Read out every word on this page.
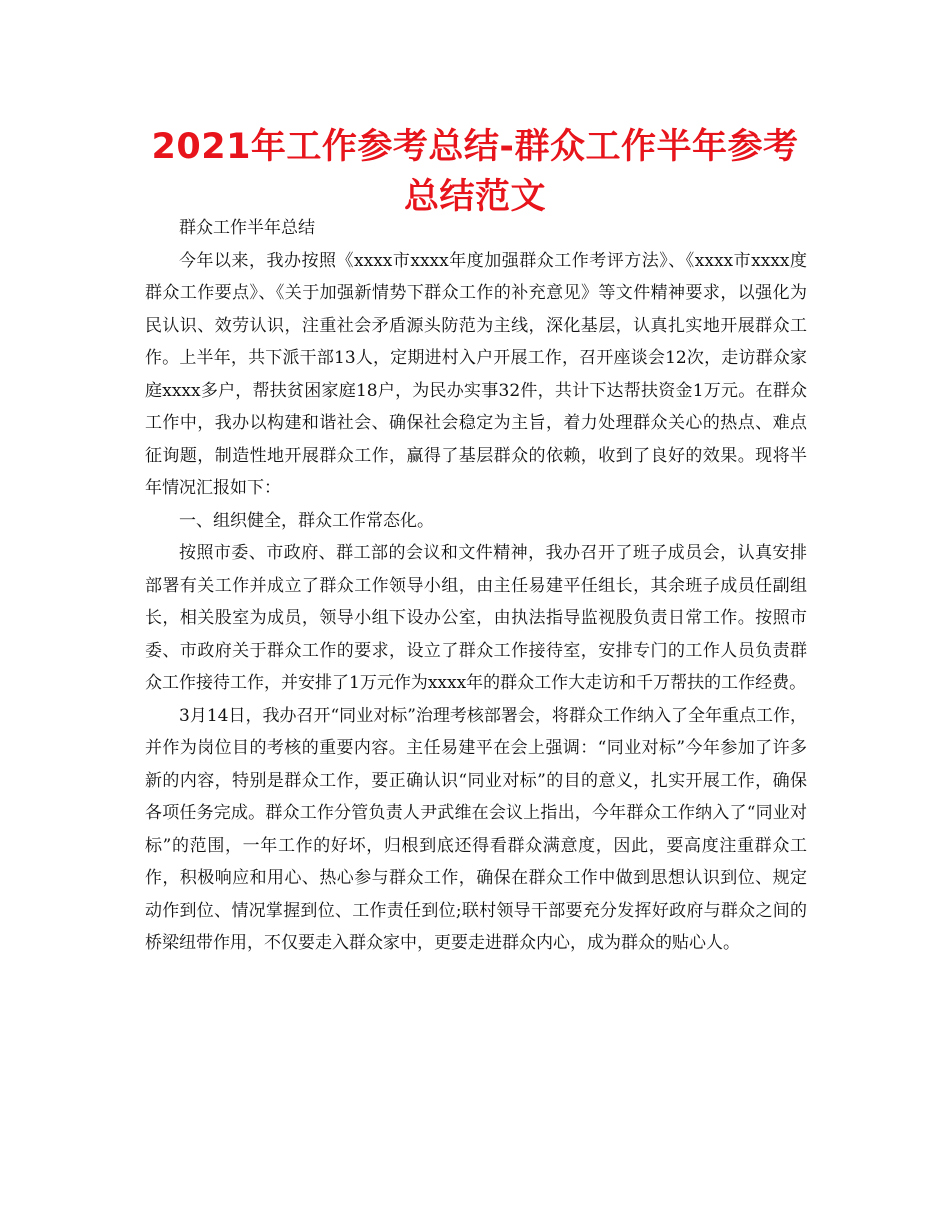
2021年工作参考总结-群众工作半年参考总结范文

群众工作半年总结

今年以来，我办按照《xxxx市xxxx年度加强群众工作考评方法》、《xxxx市xxxx度群众工作要点》、《关于加强新情势下群众工作的补充意见》等文件精神要求，以强化为民认识、效劳认识，注重社会矛盾源头防范为主线，深化基层，认真扎实地开展群众工作。上半年，共下派干部13人，定期进村入户开展工作，召开座谈会12次，走访群众家庭xxxx多户，帮扶贫困家庭18户，为民办实事32件，共计下达帮扶资金1万元。在群众工作中，我办以构建和谐社会、确保社会稳定为主旨，着力处理群众关心的热点、难点征询题，制造性地开展群众工作，赢得了基层群众的依赖，收到了良好的效果。现将半年情况汇报如下：

一、组织健全，群众工作常态化。

按照市委、市政府、群工部的会议和文件精神，我办召开了班子成员会，认真安排部署有关工作并成立了群众工作领导小组，由主任易建平任组长，其余班子成员任副组长，相关股室为成员，领导小组下设办公室，由执法指导监视股负责日常工作。按照市委、市政府关于群众工作的要求，设立了群众工作接待室，安排专门的工作人员负责群众工作接待工作，并安排了1万元作为xxxx年的群众工作大走访和千万帮扶的工作经费。

3月14日，我办召开“同业对标”治理考核部署会，将群众工作纳入了全年重点工作，并作为岗位目的考核的重要内容。主任易建平在会上强调：“同业对标”今年参加了许多新的内容，特别是群众工作，要正确认识“同业对标”的目的意义，扎实开展工作，确保各项任务完成。群众工作分管负责人尹武维在会议上指出，今年群众工作纳入了“同业对标”的范围，一年工作的好坏，归根到底还得看群众满意度，因此，要高度注重群众工作，积极响应和用心、热心参与群众工作，确保在群众工作中做到思想认识到位、规定动作到位、情况掌握到位、工作责任到位;联村领导干部要充分发挥好政府与群众之间的桥梁纽带作用，不仅要走入群众家中，更要走进群众内心，成为群众的贴心人。
